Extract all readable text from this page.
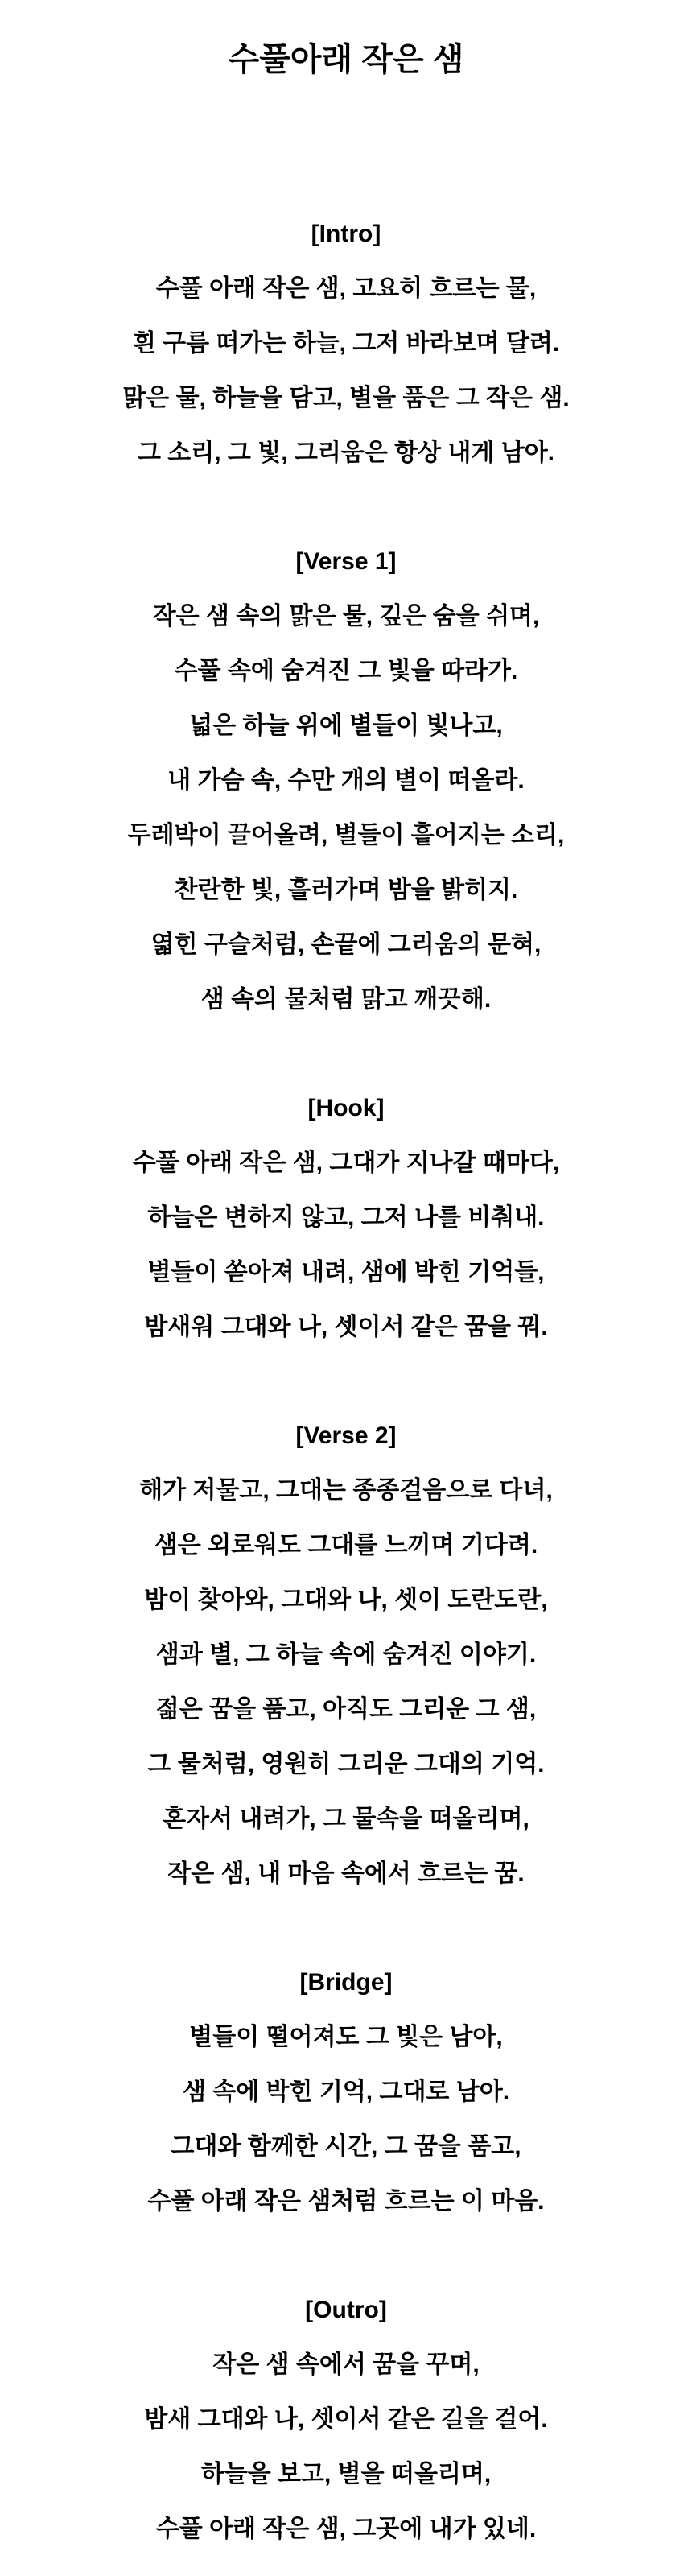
수풀아래 작은 샘
[Intro]

수풀 아래 작은 샘, 고요히 흐르는 물,

흰 구름 떠가는 하늘, 그저 바라보며 달려.

맑은 물, 하늘을 담고, 별을 품은 그 작은 샘.

그 소리, 그 빛, 그리움은 항상 내게 남아.

[Verse 1]

작은 샘 속의 맑은 물, 깊은 숨을 쉬며,

수풀 속에 숨겨진 그 빛을 따라가.

넓은 하늘 위에 별들이 빛나고,

내 가슴 속, 수만 개의 별이 떠올라.

두레박이 끌어올려, 별들이 흩어지는 소리,

찬란한 빛, 흘러가며 밤을 밝히지.

엷힌 구슬처럼, 손끝에 그리움의 문혀,

샘 속의 물처럼 맑고 깨끗해.

[Hook]

수풀 아래 작은 샘, 그대가 지나갈 때마다,

하늘은 변하지 않고, 그저 나를 비춰내.

별들이 쏟아져 내려, 샘에 박힌 기억들,

밤새워 그대와 나, 셋이서 같은 꿈을 꿔.

[Verse 2]

해가 저물고, 그대는 종종걸음으로 다녀,

샘은 외로워도 그대를 느끼며 기다려.

밤이 찾아와, 그대와 나, 셋이 도란도란,

샘과 별, 그 하늘 속에 숨겨진 이야기.

젊은 꿈을 품고, 아직도 그리운 그 샘,

그 물처럼, 영원히 그리운 그대의 기억.

혼자서 내려가, 그 물속을 떠올리며,

작은 샘, 내 마음 속에서 흐르는 꿈.

[Bridge]

별들이 떨어져도 그 빛은 남아,

샘 속에 박힌 기억, 그대로 남아.

그대와 함께한 시간, 그 꿈을 품고,

수풀 아래 작은 샘처럼 흐르는 이 마음.

[Outro]

작은 샘 속에서 꿈을 꾸며,

밤새 그대와 나, 셋이서 같은 길을 걸어.

하늘을 보고, 별을 떠올리며,

수풀 아래 작은 샘, 그곳에 내가 있네.
